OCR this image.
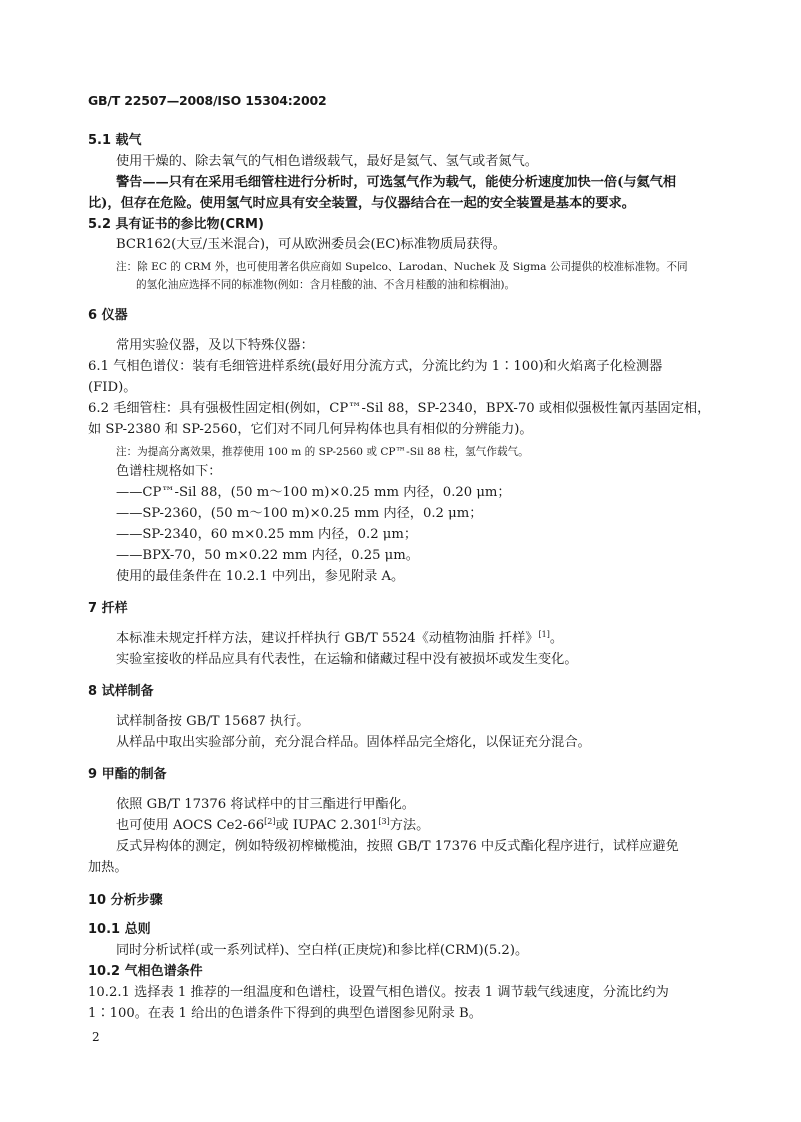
GB/T 22507—2008/ISO 15304:2002
5.1 载气
使用干燥的、除去氧气的气相色谱级载气，最好是氦气、氢气或者氮气。
警告——只有在采用毛细管柱进行分析时，可选氢气作为载气，能使分析速度加快一倍(与氦气相
比)，但存在危险。使用氢气时应具有安全装置，与仪器结合在一起的安全装置是基本的要求。
5.2 具有证书的参比物(CRM)
BCR162(大豆/玉米混合)，可从欧洲委员会(EC)标准物质局获得。
注：除 EC 的 CRM 外，也可使用著名供应商如 Supelco、Larodan、Nuchek 及 Sigma 公司提供的校准标准物。不同
的氢化油应选择不同的标准物(例如：含月桂酸的油、不含月桂酸的油和棕榈油)。
6 仪器
常用实验仪器，及以下特殊仪器：
6.1 气相色谱仪：装有毛细管进样系统(最好用分流方式，分流比约为 1∶100)和火焰离子化检测器
(FID)。
6.2 毛细管柱：具有强极性固定相(例如，CP™-Sil 88，SP-2340，BPX-70 或相似强极性氰丙基固定相，
如 SP-2380 和 SP-2560，它们对不同几何异构体也具有相似的分辨能力)。
注：为提高分离效果，推荐使用 100 m 的 SP-2560 或 CP™-Sil 88 柱，氢气作载气。
色谱柱规格如下：
——CP™-Sil 88，(50 m～100 m)×0.25 mm 内径，0.20 μm；
——SP-2360，(50 m～100 m)×0.25 mm 内径，0.2 μm；
——SP-2340，60 m×0.25 mm 内径，0.2 μm；
——BPX-70，50 m×0.22 mm 内径，0.25 μm。
使用的最佳条件在 10.2.1 中列出，参见附录 A。
7 扦样
本标准未规定扦样方法，建议扦样执行 GB/T 5524《动植物油脂 扦样》[1]。
实验室接收的样品应具有代表性，在运输和储藏过程中没有被损坏或发生变化。
8 试样制备
试样制备按 GB/T 15687 执行。
从样品中取出实验部分前，充分混合样品。固体样品完全熔化，以保证充分混合。
9 甲酯的制备
依照 GB/T 17376 将试样中的甘三酯进行甲酯化。
也可使用 AOCS Ce2-66[2]或 IUPAC 2.301[3]方法。
反式异构体的测定，例如特级初榨橄榄油，按照 GB/T 17376 中反式酯化程序进行，试样应避免
加热。
10 分析步骤
10.1 总则
同时分析试样(或一系列试样)、空白样(正庚烷)和参比样(CRM)(5.2)。
10.2 气相色谱条件
10.2.1 选择表 1 推荐的一组温度和色谱柱，设置气相色谱仪。按表 1 调节载气线速度，分流比约为
1∶100。在表 1 给出的色谱条件下得到的典型色谱图参见附录 B。
2
